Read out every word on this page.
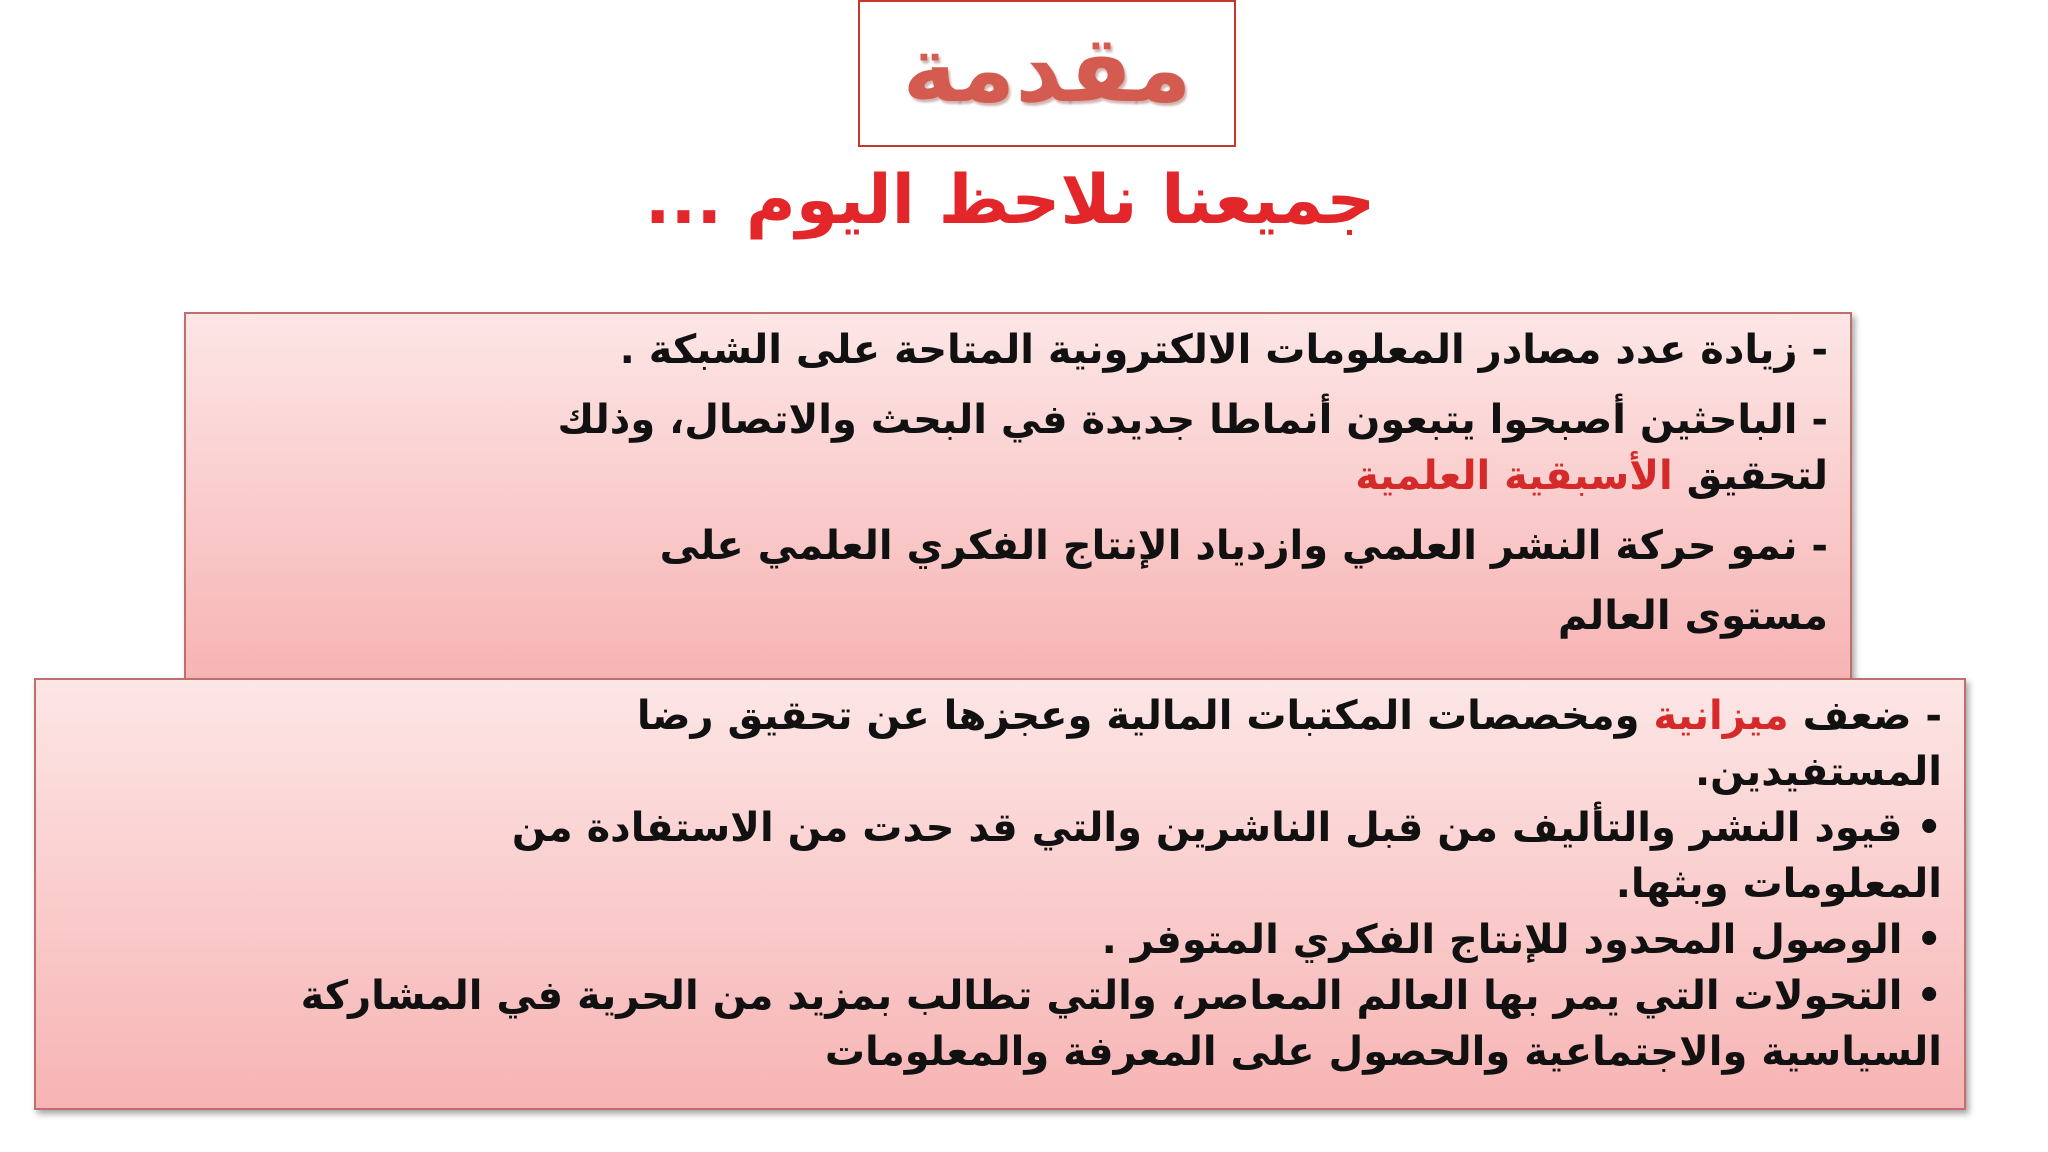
مقدمة
جميعنا نلاحظ اليوم ...
- زيادة عدد مصادر المعلومات الالكترونية المتاحة على الشبكة .
- الباحثين أصبحوا يتبعون أنماطا جديدة في البحث والاتصال، وذلك
لتحقيق الأسبقية العلمية
- نمو حركة النشر العلمي وازدياد الإنتاج الفكري العلمي على
مستوى العالم
- ضعف ميزانية ومخصصات المكتبات المالية وعجزها عن تحقيق رضا
المستفيدين.
• قيود النشر والتأليف من قبل الناشرين والتي قد حدت من الاستفادة من
المعلومات وبثها.
• الوصول المحدود للإنتاج الفكري المتوفر .
• التحولات التي يمر بها العالم المعاصر، والتي تطالب بمزيد من الحرية في المشاركة
السياسية والاجتماعية والحصول على المعرفة والمعلومات
